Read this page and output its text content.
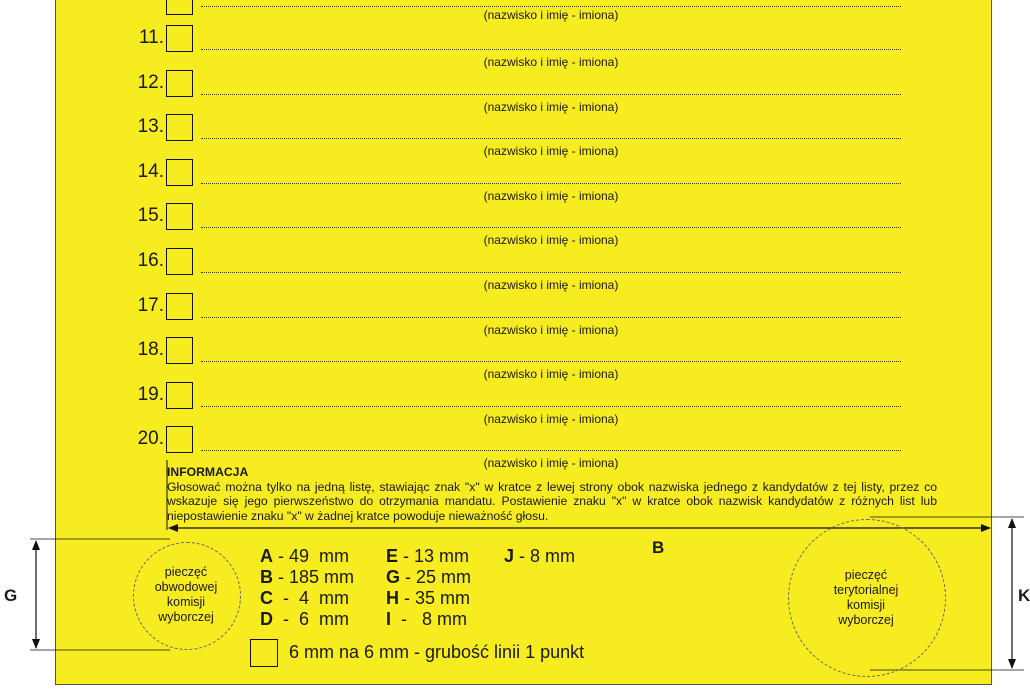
(nazwisko i imię - imiona)
11.
(nazwisko i imię - imiona)
12.
(nazwisko i imię - imiona)
13.
(nazwisko i imię - imiona)
14.
(nazwisko i imię - imiona)
15.
(nazwisko i imię - imiona)
16.
(nazwisko i imię - imiona)
17.
(nazwisko i imię - imiona)
18.
(nazwisko i imię - imiona)
19.
(nazwisko i imię - imiona)
20.
(nazwisko i imię - imiona)
INFORMACJA
Głosować można tylko na jedną listę, stawiając znak "x" w kratce z lewej strony obok nazwiska jednego z kandydatów z tej listy, przez co wskazuje się jego pierwszeństwo do otrzymania mandatu. Postawienie znaku "x" w kratce obok nazwisk kandydatów z różnych list lub niepostawienie znaku "x" w żadnej kratce powoduje nieważność głosu.
B
G	K
pieczęć
obwodowej
komisji
wyborczej
pieczęć
terytorialnej
komisji
wyborczej
A - 49  mm
B - 185 mm
C  -  4  mm
D  -  6  mm
E - 13 mm
G - 25 mm
H - 35 mm
I  -   8 mm
J - 8 mm
6 mm na 6 mm - grubość linii 1 punkt
